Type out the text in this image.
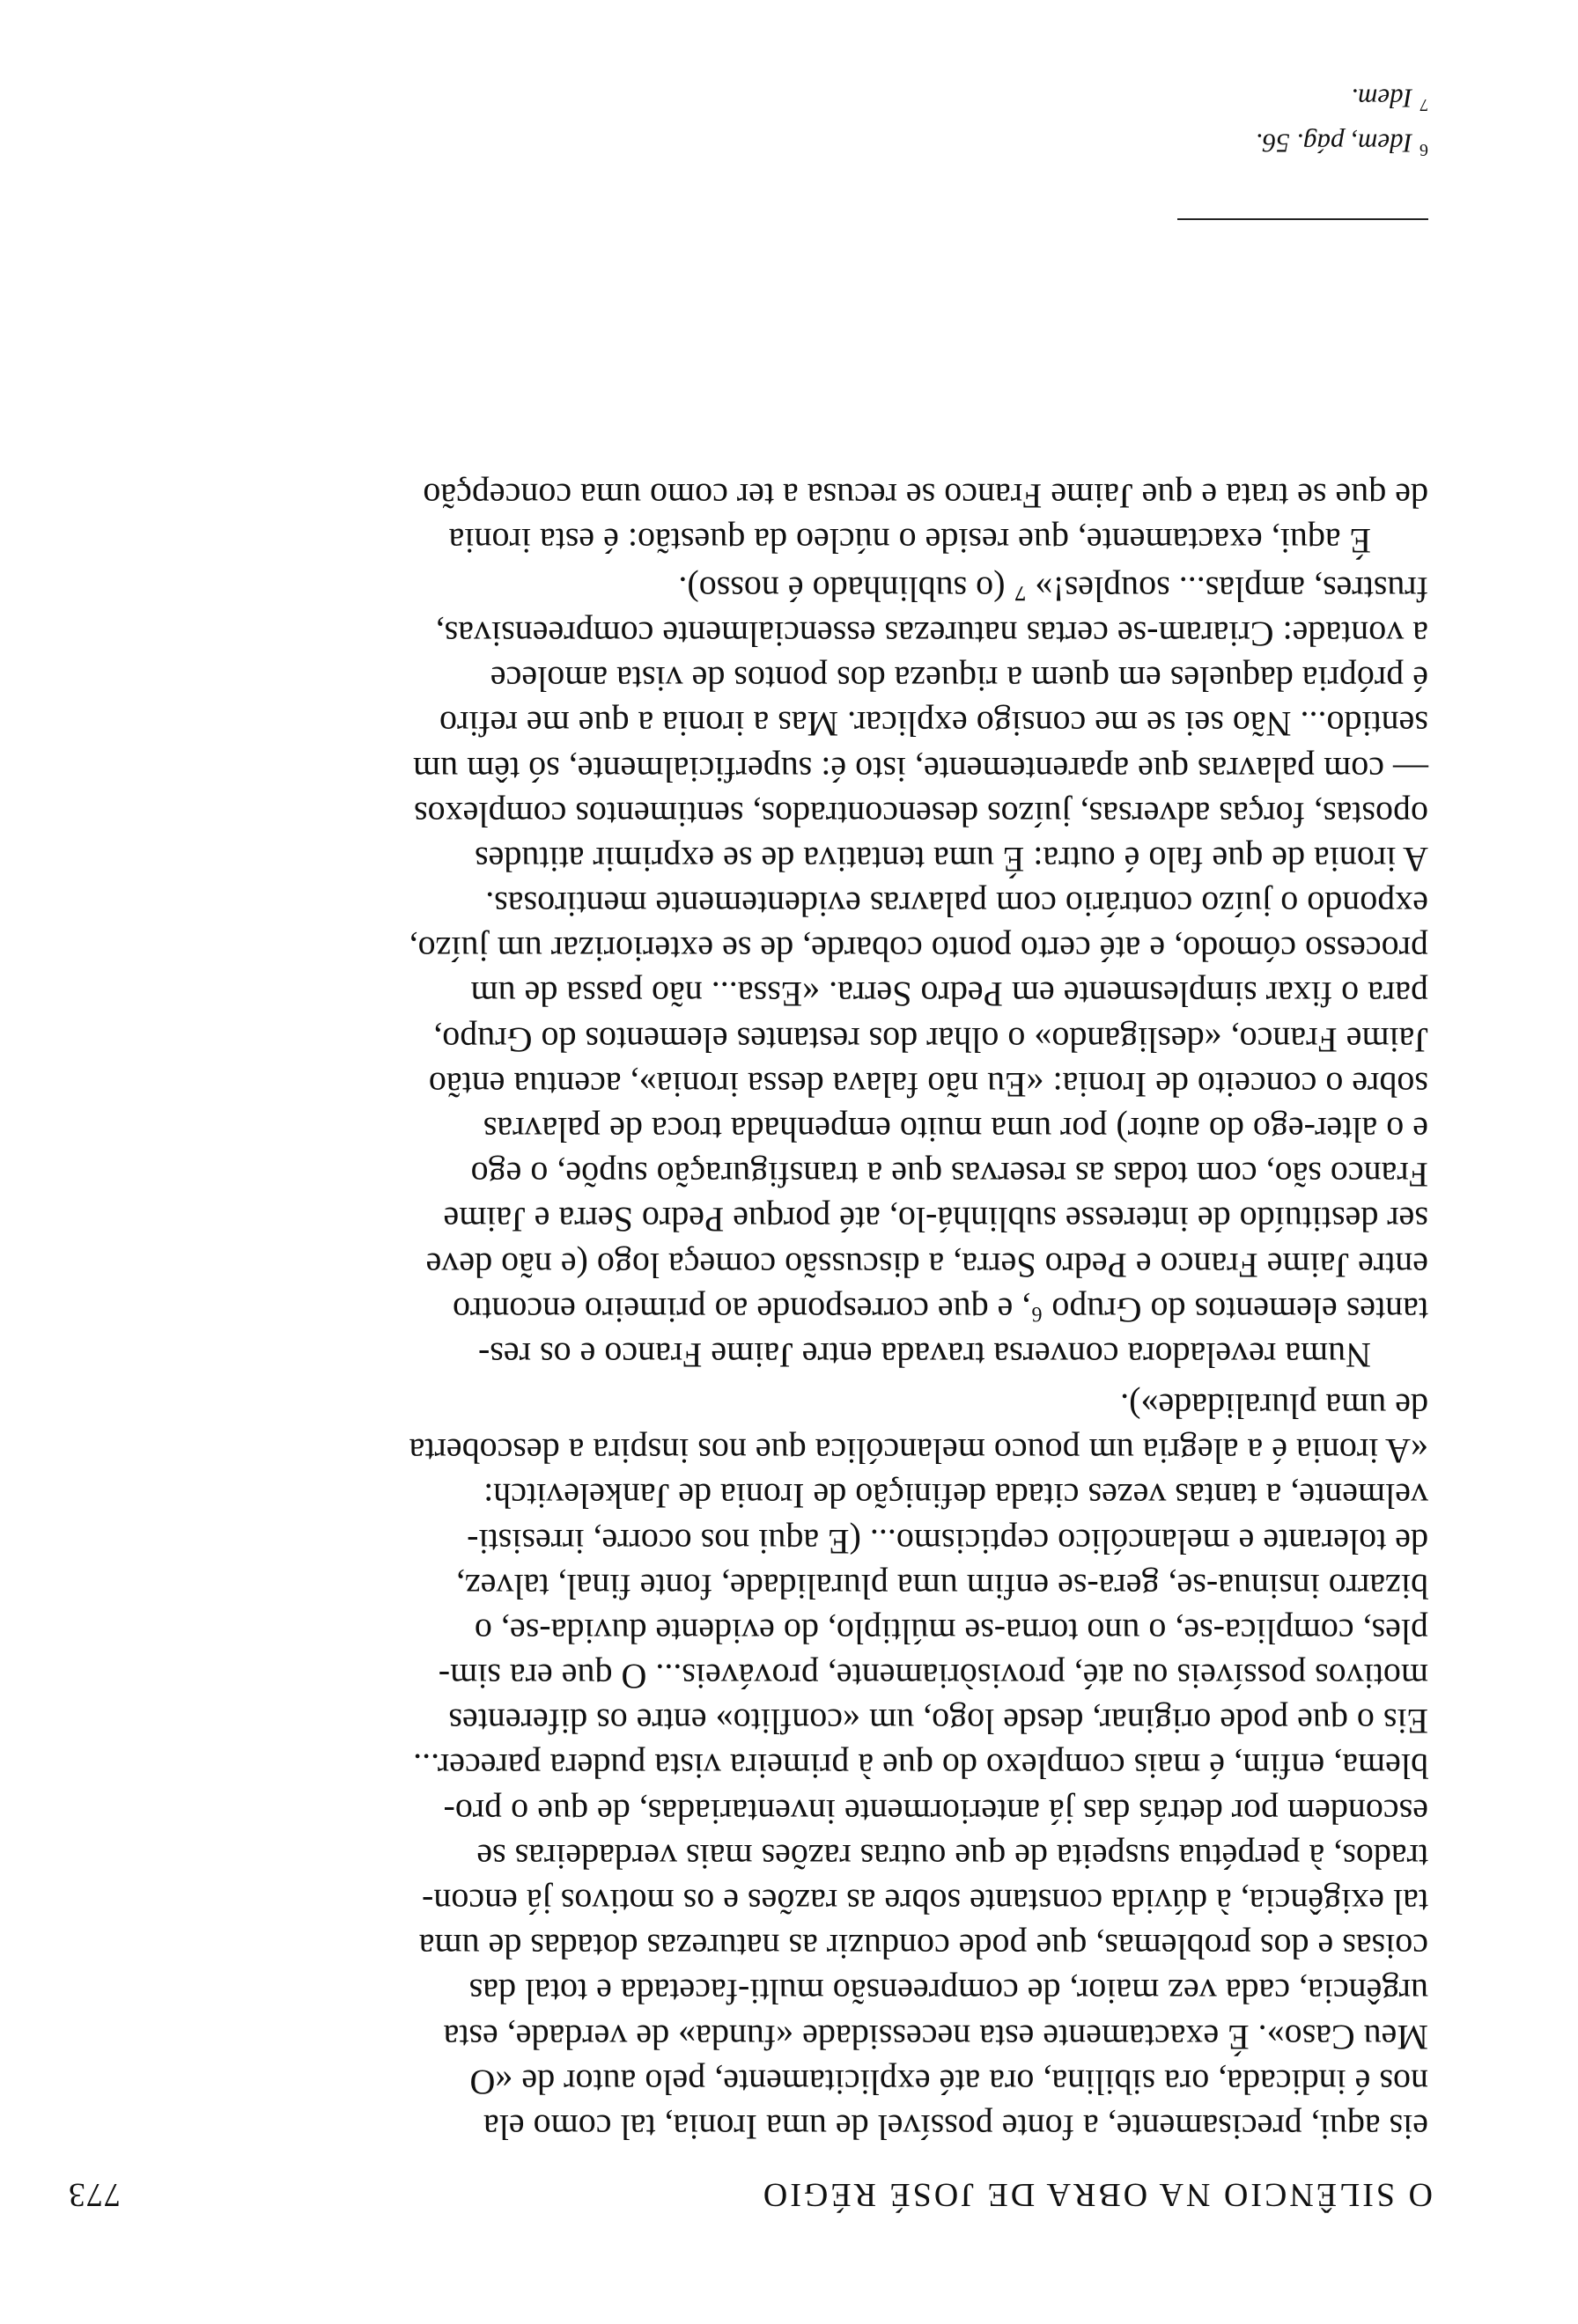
O SILÊNCIO NA OBRA DE JOSÉ RÉGIO
773
eis aqui, precisamente, a fonte possível de uma Ironia, tal como ela
nos é indicada, ora sibilina, ora até explicitamente, pelo autor de «O
Meu Caso». É exactamente esta necessidade «funda» de verdade, esta
urgência, cada vez maior, de compreensão multi-facetada e total das
coisas e dos problemas, que pode conduzir as naturezas dotadas de uma
tal exigência, à dúvida constante sobre as razões e os motivos já encon-
trados, à perpétua suspeita de que outras razões mais verdadeiras se
escondem por detrás das já anteriormente inventariadas, de que o pro-
blema, enfim, é mais complexo do que à primeira vista pudera parecer...
Eis o que pode originar, desde logo, um «conflito» entre os diferentes
motivos possíveis ou até, provisòriamente, prováveis... O que era sim-
ples, complica-se, o uno torna-se múltiplo, do evidente duvida-se, o
bizarro insinua-se, gera-se enfim uma pluralidade, fonte final, talvez,
de tolerante e melancólico cepticismo... (E aqui nos ocorre, irresisti-
velmente, a tantas vezes citada definição de Ironia de Jankelevitch:
«A ironia é a alegria um pouco melancólica que nos inspira a descoberta
de uma pluralidade»).
Numa reveladora conversa travada entre Jaime Franco e os res-
tantes elementos do Grupo ⁶, e que corresponde ao primeiro encontro
entre Jaime Franco e Pedro Serra, a discussão começa logo (e não deve
ser destituído de interesse sublinhá-lo, até porque Pedro Serra e Jaime
Franco são, com todas as reservas que a transfiguração supõe, o ego
e o alter-ego do autor) por uma muito empenhada troca de palavras
sobre o conceito de Ironia: «Eu não falava dessa ironia», acentua então
Jaime Franco, «desligando» o olhar dos restantes elementos do Grupo,
para o fixar simplesmente em Pedro Serra. «Essa... não passa de um
processo cómodo, e até certo ponto cobarde, de se exteriorizar um juízo,
expondo o juízo contrário com palavras evidentemente mentirosas.
A ironia de que falo é outra: É uma tentativa de se exprimir atitudes
opostas, forças adversas, juízos desencontrados, sentimentos complexos
— com palavras que aparentemente, isto é: superficialmente, só têm um
sentido... Não sei se me consigo explicar. Mas a ironia a que me refiro
é própria daqueles em quem a riqueza dos pontos de vista amolece
a vontade: Criaram-se certas naturezas essencialmente compreensivas,
frustres, amplas... souples!» ⁷ (o sublinhado é nosso).
É aqui, exactamente, que reside o núcleo da questão: é esta ironia
de que se trata e que Jaime Franco se recusa a ter como uma concepção
$^6$Idem, pág. 56.
$^7$Idem.
